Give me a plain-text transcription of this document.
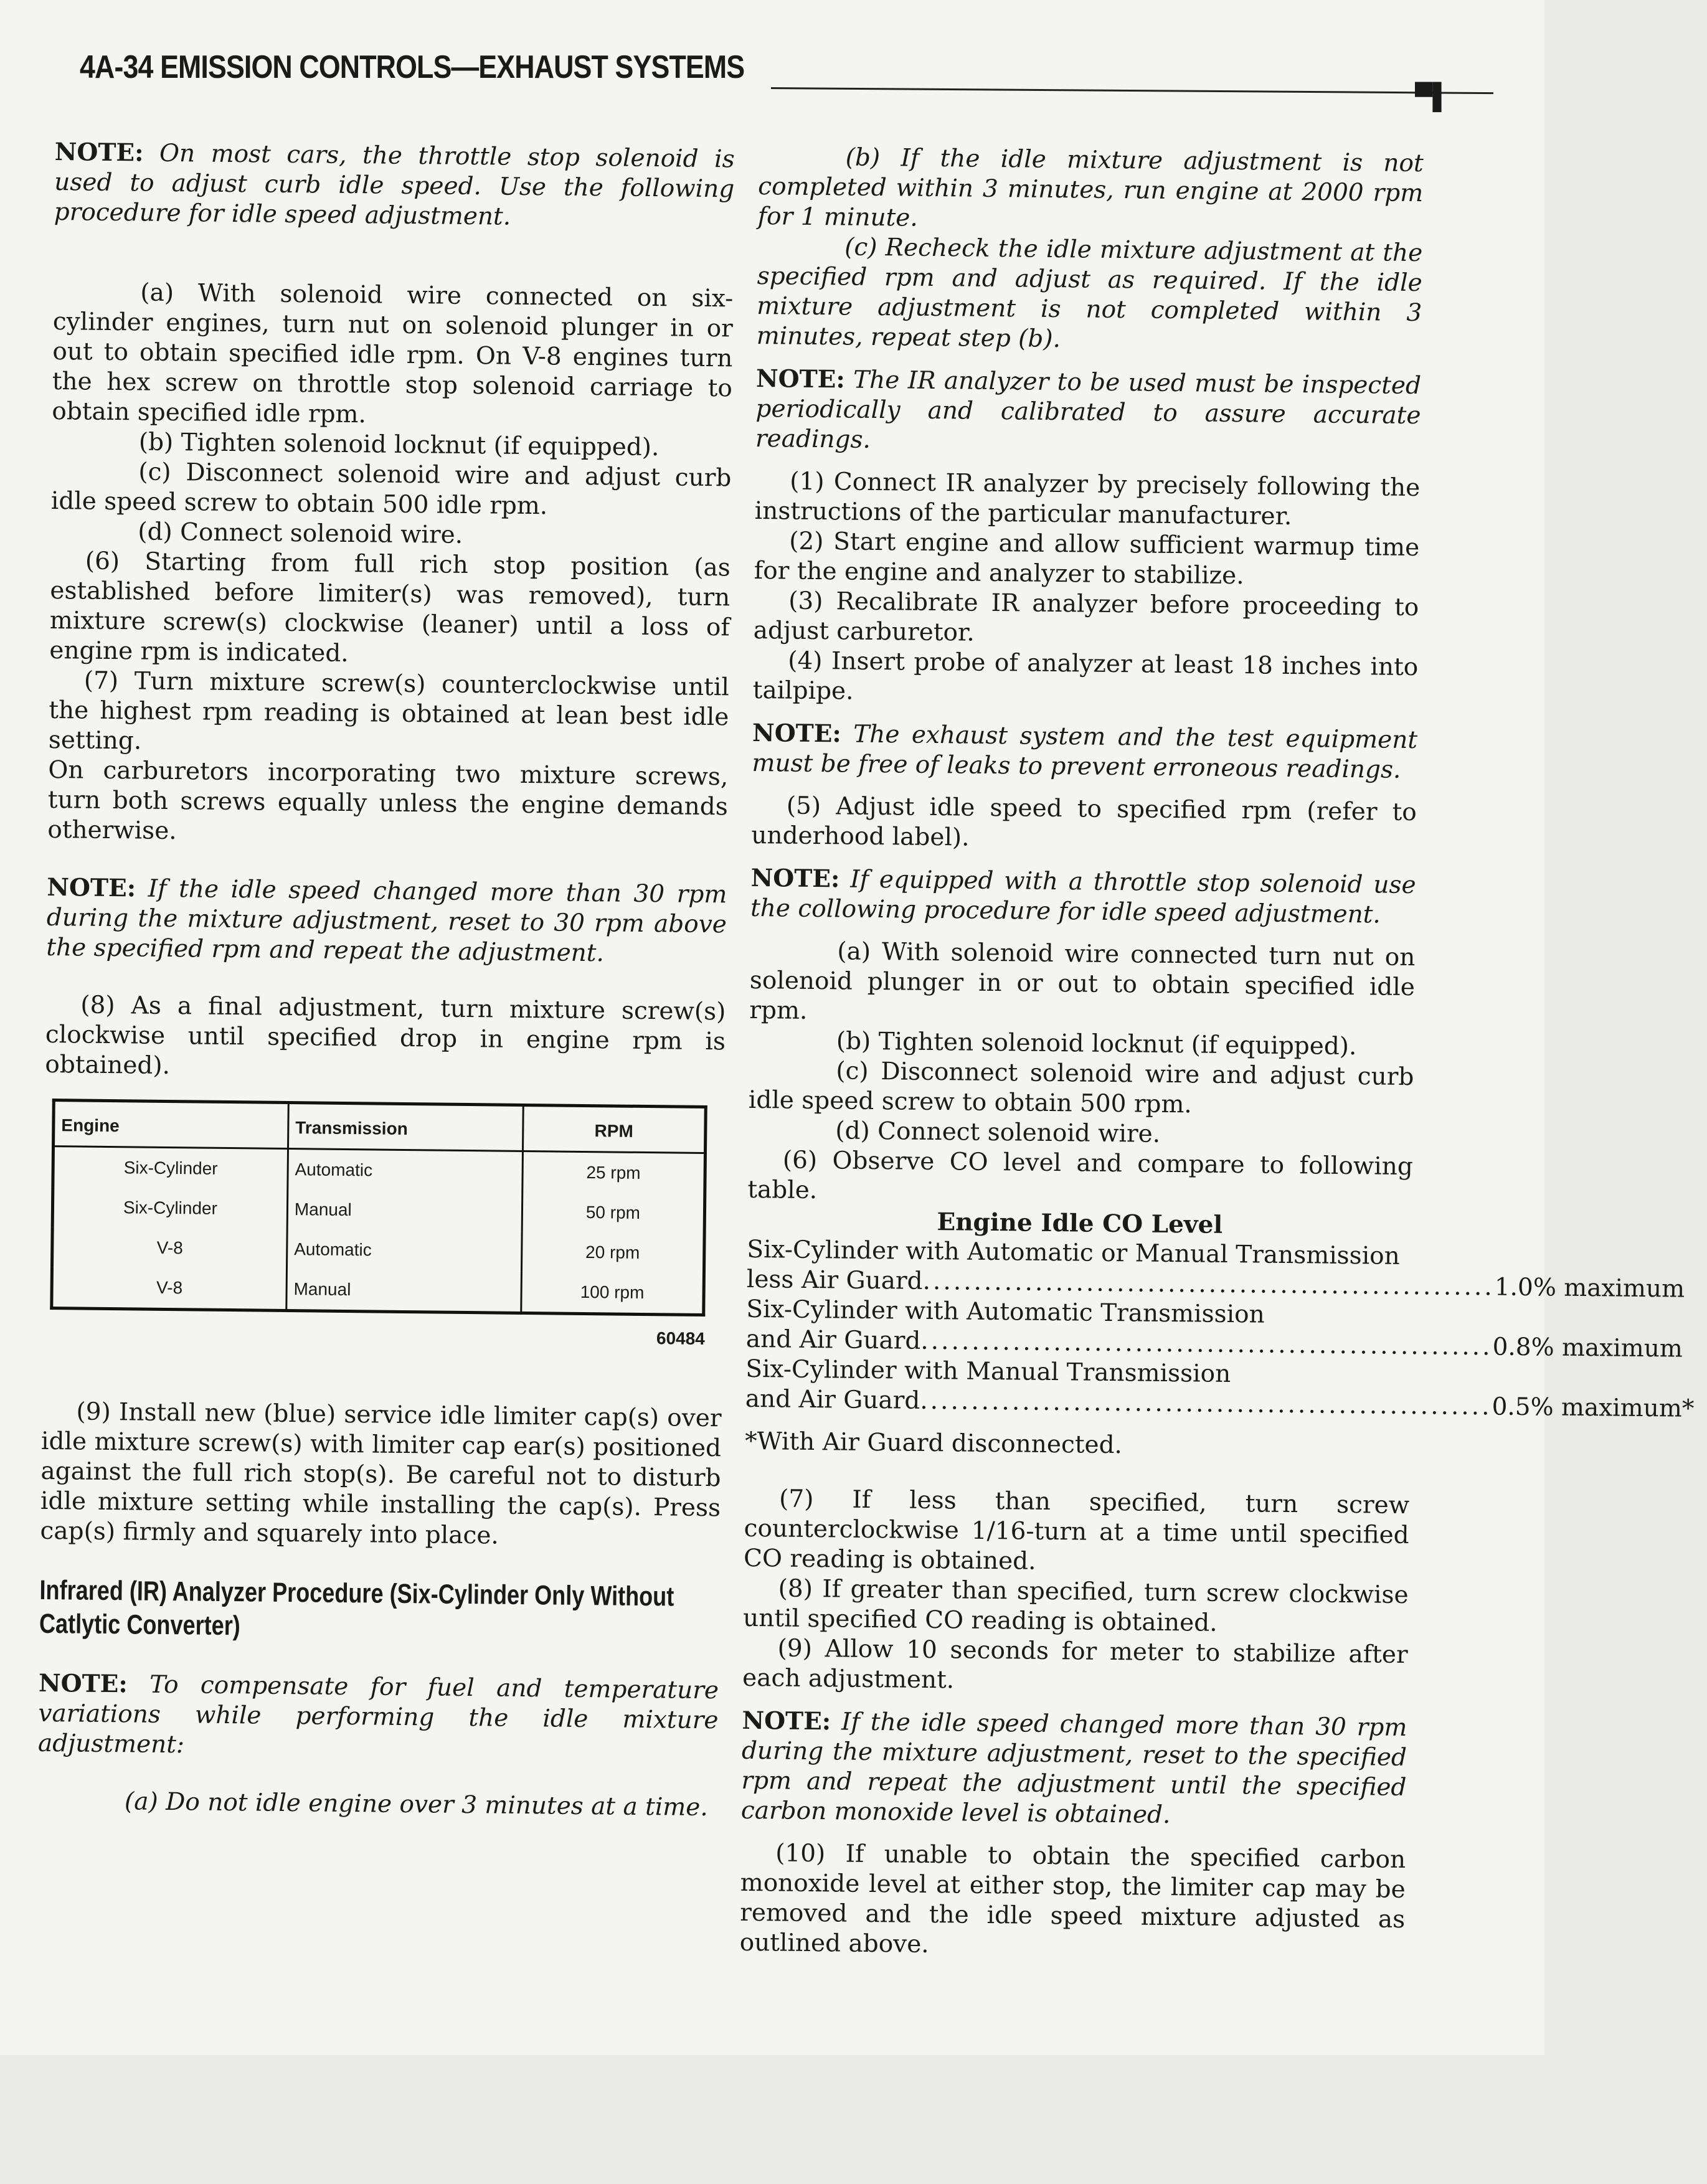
4A-34 EMISSION CONTROLS—EXHAUST SYSTEMS
▀▌

NOTE: On most cars, the throttle stop solenoid is used to adjust curb idle speed. Use the following procedure for idle speed adjustment.

(a) With solenoid wire connected on six-cylinder engines, turn nut on solenoid plunger in or out to obtain specified idle rpm. On V-8 engines turn the hex screw on throttle stop solenoid carriage to obtain specified idle rpm.

(b) Tighten solenoid locknut (if equipped).

(c) Disconnect solenoid wire and adjust curb idle speed screw to obtain 500 idle rpm.

(d) Connect solenoid wire.

(6) Starting from full rich stop position (as established before limiter(s) was removed), turn mixture screw(s) clockwise (leaner) until a loss of engine rpm is indicated.

(7) Turn mixture screw(s) counterclockwise until the highest rpm reading is obtained at lean best idle setting.

On carburetors incorporating two mixture screws, turn both screws equally unless the engine demands otherwise.

NOTE: If the idle speed changed more than 30 rpm during the mixture adjustment, reset to 30 rpm above the specified rpm and repeat the adjustment.

(8) As a final adjustment, turn mixture screw(s) clockwise until specified drop in engine rpm is obtained).

Engine	Transmission	RPM
Six-Cylinder	Automatic	25 rpm
Six-Cylinder	Manual	50 rpm
V-8	Automatic	20 rpm
V-8	Manual	100 rpm
60484

(9) Install new (blue) service idle limiter cap(s) over idle mixture screw(s) with limiter cap ear(s) positioned against the full rich stop(s). Be careful not to disturb idle mixture setting while installing the cap(s). Press cap(s) firmly and squarely into place.

Infrared (IR) Analyzer Procedure (Six-Cylinder Only Without Catlytic Converter)

NOTE: To compensate for fuel and temperature variations while performing the idle mixture adjustment:

(a) Do not idle engine over 3 minutes at a time.

(b) If the idle mixture adjustment is not completed within 3 minutes, run engine at 2000 rpm for 1 minute.

(c) Recheck the idle mixture adjustment at the specified rpm and adjust as required. If the idle mixture adjustment is not completed within 3 minutes, repeat step (b).

NOTE: The IR analyzer to be used must be inspected periodically and calibrated to assure accurate readings.

(1) Connect IR analyzer by precisely following the instructions of the particular manufacturer.

(2) Start engine and allow sufficient warmup time for the engine and analyzer to stabilize.

(3) Recalibrate IR analyzer before proceeding to adjust carburetor.

(4) Insert probe of analyzer at least 18 inches into tailpipe.

NOTE: The exhaust system and the test equipment must be free of leaks to prevent erroneous readings.

(5) Adjust idle speed to specified rpm (refer to underhood label).

NOTE: If equipped with a throttle stop solenoid use the collowing procedure for idle speed adjustment.

(a) With solenoid wire connected turn nut on solenoid plunger in or out to obtain specified idle rpm.

(b) Tighten solenoid locknut (if equipped).

(c) Disconnect solenoid wire and adjust curb idle speed screw to obtain 500 rpm.

(d) Connect solenoid wire.

(6) Observe CO level and compare to following table.

Engine Idle CO Level
Six-Cylinder with Automatic or Manual Transmission
less Air Guard ........................................................ 1.0% maximum
Six-Cylinder with Automatic Transmission
and Air Guard ........................................................ 0.8% maximum
Six-Cylinder with Manual Transmission
and Air Guard ........................................................ 0.5% maximum*
*With Air Guard disconnected.

(7) If less than specified, turn screw counterclockwise 1/16-turn at a time until specified CO reading is obtained.

(8) If greater than specified, turn screw clockwise until specified CO reading is obtained.

(9) Allow 10 seconds for meter to stabilize after each adjustment.

NOTE: If the idle speed changed more than 30 rpm during the mixture adjustment, reset to the specified rpm and repeat the adjustment until the specified carbon monoxide level is obtained.

(10) If unable to obtain the specified carbon monoxide level at either stop, the limiter cap may be removed and the idle speed mixture adjusted as outlined above.
